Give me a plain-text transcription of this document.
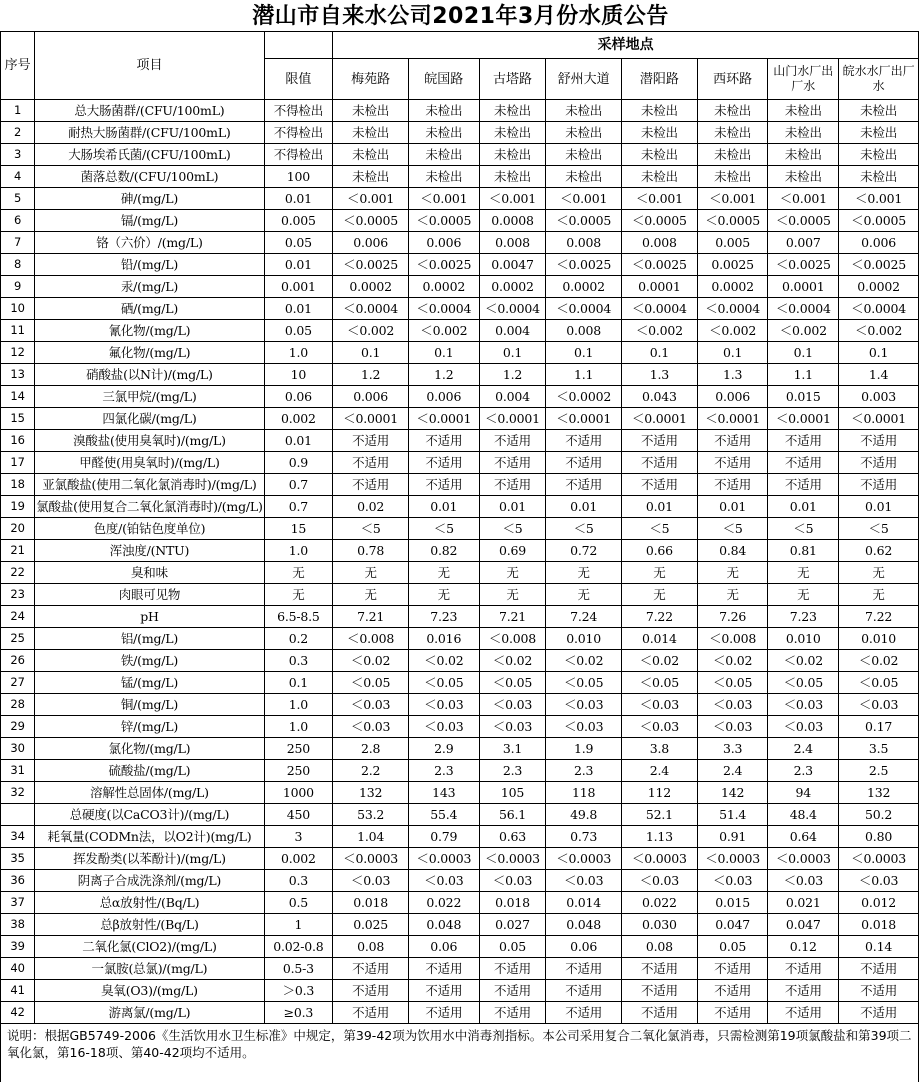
潜山市自来水公司2021年3月份水质公告
序号	项目		采样地点							
		限值	梅苑路	皖国路	古塔路	舒州大道	潜阳路	西环路	山门水厂出厂水	皖水水厂出厂水
1	总大肠菌群/(CFU/100mL)	不得检出	未检出	未检出	未检出	未检出	未检出	未检出	未检出	未检出
2	耐热大肠菌群/(CFU/100mL)	不得检出	未检出	未检出	未检出	未检出	未检出	未检出	未检出	未检出
3	大肠埃希氏菌/(CFU/100mL)	不得检出	未检出	未检出	未检出	未检出	未检出	未检出	未检出	未检出
4	菌落总数/(CFU/100mL)	100	未检出	未检出	未检出	未检出	未检出	未检出	未检出	未检出
5	砷/(mg/L)	0.01	＜0.001	＜0.001	＜0.001	＜0.001	＜0.001	＜0.001	＜0.001	＜0.001
6	镉/(mg/L)	0.005	＜0.0005	＜0.0005	0.0008	＜0.0005	＜0.0005	＜0.0005	＜0.0005	＜0.0005
7	铬（六价）/(mg/L)	0.05	0.006	0.006	0.008	0.008	0.008	0.005	0.007	0.006
8	铅/(mg/L)	0.01	＜0.0025	＜0.0025	0.0047	＜0.0025	＜0.0025	0.0025	＜0.0025	＜0.0025
9	汞/(mg/L)	0.001	0.0002	0.0002	0.0002	0.0002	0.0001	0.0002	0.0001	0.0002
10	硒/(mg/L)	0.01	＜0.0004	＜0.0004	＜0.0004	＜0.0004	＜0.0004	＜0.0004	＜0.0004	＜0.0004
11	氰化物/(mg/L)	0.05	＜0.002	＜0.002	0.004	0.008	＜0.002	＜0.002	＜0.002	＜0.002
12	氟化物/(mg/L)	1.0	0.1	0.1	0.1	0.1	0.1	0.1	0.1	0.1
13	硝酸盐(以N计)/(mg/L)	10	1.2	1.2	1.2	1.1	1.3	1.3	1.1	1.4
14	三氯甲烷/(mg/L)	0.06	0.006	0.006	0.004	＜0.0002	0.043	0.006	0.015	0.003
15	四氯化碳/(mg/L)	0.002	＜0.0001	＜0.0001	＜0.0001	＜0.0001	＜0.0001	＜0.0001	＜0.0001	＜0.0001
16	溴酸盐(使用臭氧时)/(mg/L)	0.01	不适用	不适用	不适用	不适用	不适用	不适用	不适用	不适用
17	甲醛使(用臭氧时)/(mg/L)	0.9	不适用	不适用	不适用	不适用	不适用	不适用	不适用	不适用
18	亚氯酸盐(使用二氧化氯消毒时)/(mg/L)	0.7	不适用	不适用	不适用	不适用	不适用	不适用	不适用	不适用
19	氯酸盐(使用复合二氧化氯消毒时)/(mg/L)	0.7	0.02	0.01	0.01	0.01	0.01	0.01	0.01	0.01
20	色度/(铂钴色度单位)	15	＜5	＜5	＜5	＜5	＜5	＜5	＜5	＜5
21	浑浊度/(NTU)	1.0	0.78	0.82	0.69	0.72	0.66	0.84	0.81	0.62
22	臭和味	无	无	无	无	无	无	无	无	无
23	肉眼可见物	无	无	无	无	无	无	无	无	无
24	pH	6.5-8.5	7.21	7.23	7.21	7.24	7.22	7.26	7.23	7.22
25	铝/(mg/L)	0.2	＜0.008	0.016	＜0.008	0.010	0.014	＜0.008	0.010	0.010
26	铁/(mg/L)	0.3	＜0.02	＜0.02	＜0.02	＜0.02	＜0.02	＜0.02	＜0.02	＜0.02
27	锰/(mg/L)	0.1	＜0.05	＜0.05	＜0.05	＜0.05	＜0.05	＜0.05	＜0.05	＜0.05
28	铜/(mg/L)	1.0	＜0.03	＜0.03	＜0.03	＜0.03	＜0.03	＜0.03	＜0.03	＜0.03
29	锌/(mg/L)	1.0	＜0.03	＜0.03	＜0.03	＜0.03	＜0.03	＜0.03	＜0.03	0.17
30	氯化物/(mg/L)	250	2.8	2.9	3.1	1.9	3.8	3.3	2.4	3.5
31	硫酸盐/(mg/L)	250	2.2	2.3	2.3	2.3	2.4	2.4	2.3	2.5
32	溶解性总固体/(mg/L)	1000	132	143	105	118	112	142	94	132
	总硬度(以CaCO3计)/(mg/L)	450	53.2	55.4	56.1	49.8	52.1	51.4	48.4	50.2
34	耗氧量(CODMn法，以O2计)(mg/L)	3	1.04	0.79	0.63	0.73	1.13	0.91	0.64	0.80
35	挥发酚类(以苯酚计)/(mg/L)	0.002	＜0.0003	＜0.0003	＜0.0003	＜0.0003	＜0.0003	＜0.0003	＜0.0003	＜0.0003
36	阴离子合成洗涤剂/(mg/L)	0.3	＜0.03	＜0.03	＜0.03	＜0.03	＜0.03	＜0.03	＜0.03	＜0.03
37	总α放射性/(Bq/L)	0.5	0.018	0.022	0.018	0.014	0.022	0.015	0.021	0.012
38	总β放射性/(Bq/L)	1	0.025	0.048	0.027	0.048	0.030	0.047	0.047	0.018
39	二氧化氯(ClO2)/(mg/L)	0.02-0.8	0.08	0.06	0.05	0.06	0.08	0.05	0.12	0.14
40	一氯胺(总氯)/(mg/L)	0.5-3	不适用	不适用	不适用	不适用	不适用	不适用	不适用	不适用
41	臭氧(O3)/(mg/L)	＞0.3	不适用	不适用	不适用	不适用	不适用	不适用	不适用	不适用
42	游离氯/(mg/L)	≥0.3	不适用	不适用	不适用	不适用	不适用	不适用	不适用	不适用
说明：根据GB5749-2006《生活饮用水卫生标准》中规定，第39-42项为饮用水中消毒剂指标。本公司采用复合二氧化氯消毒，只需检测第19项氯酸盐和第39项二氧化氯，第16-18项、第40-42项均不适用。										
